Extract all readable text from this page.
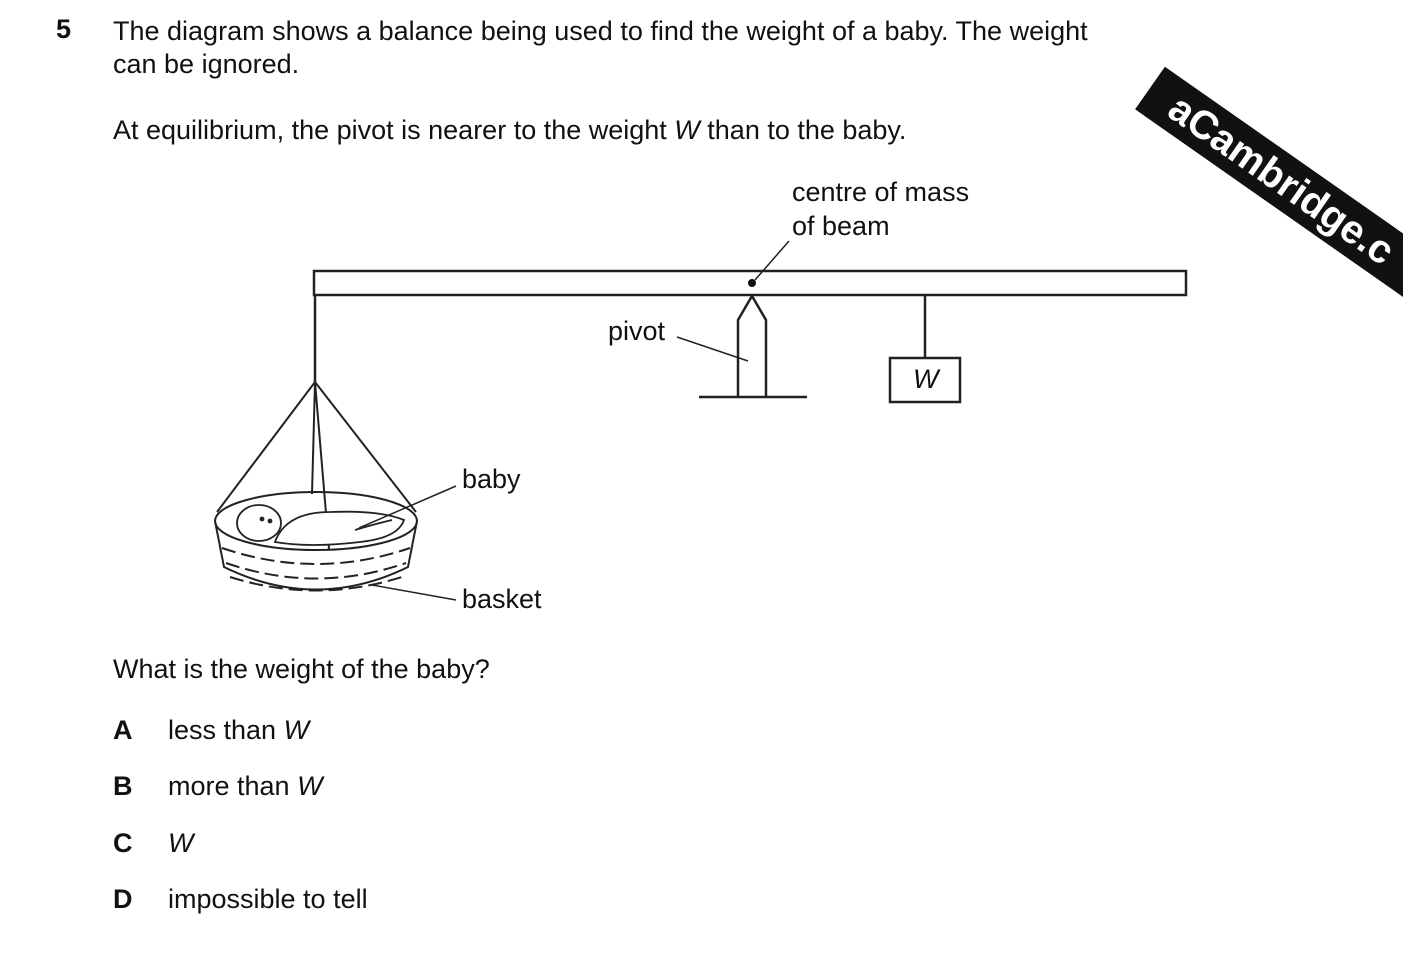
5 The diagram shows a balance being used to find the weight of a baby. The weight
can be ignored.
At equilibrium, the pivot is nearer to the weight W than to the baby.	aCambridge.c
centre of mass
of beam
pivot
W
baby
basket
What is the weight of the baby?
A less than W
B more than W
C W
D impossible to tell
